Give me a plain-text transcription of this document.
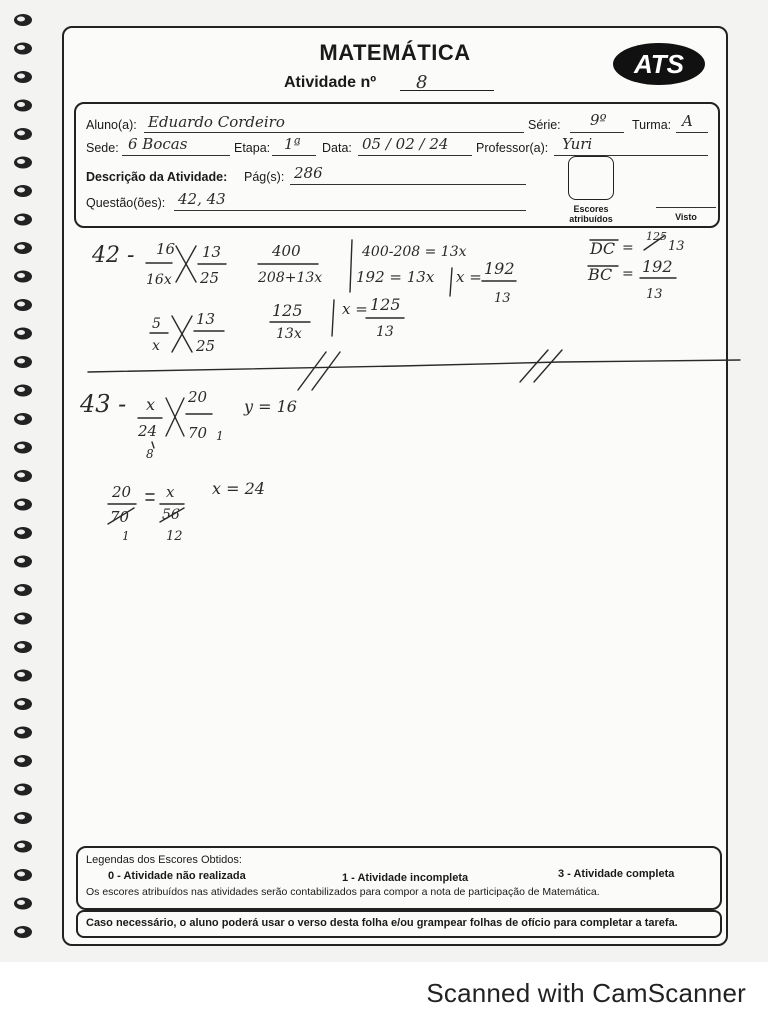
MATEMÁTICA
Atividade nº 8
ATS
Aluno(a): Eduardo Cordeiro	Série: 9º Turma: A
Sede: 6 Bocas	Etapa: 1ª Data: 05 / 02 / 24 Professor(a): Yuri
Descrição da Atividade: Pág(s): 286
Questão(ões): 42, 43
Escores atribuídos	Visto
42 - 16
16x
13
25
400
208+13x
400-208 = 13x
192 = 13x x = 192
13
DC =
125
13
BC = 192
13
5
x
13
25
125
13x
x = 125
13
43 - x
24
8
20
70 1
y = 16
20
70
1
x
56
12
x = 24
Legendas dos Escores Obtidos:
0 - Atividade não realizada	1 - Atividade incompleta	3 - Atividade completa
Os escores atribuídos nas atividades serão contabilizados para compor a nota de participação de Matemática.
Caso necessário, o aluno poderá usar o verso desta folha e/ou grampear folhas de ofício para completar a tarefa.
Scanned with CamScanner
